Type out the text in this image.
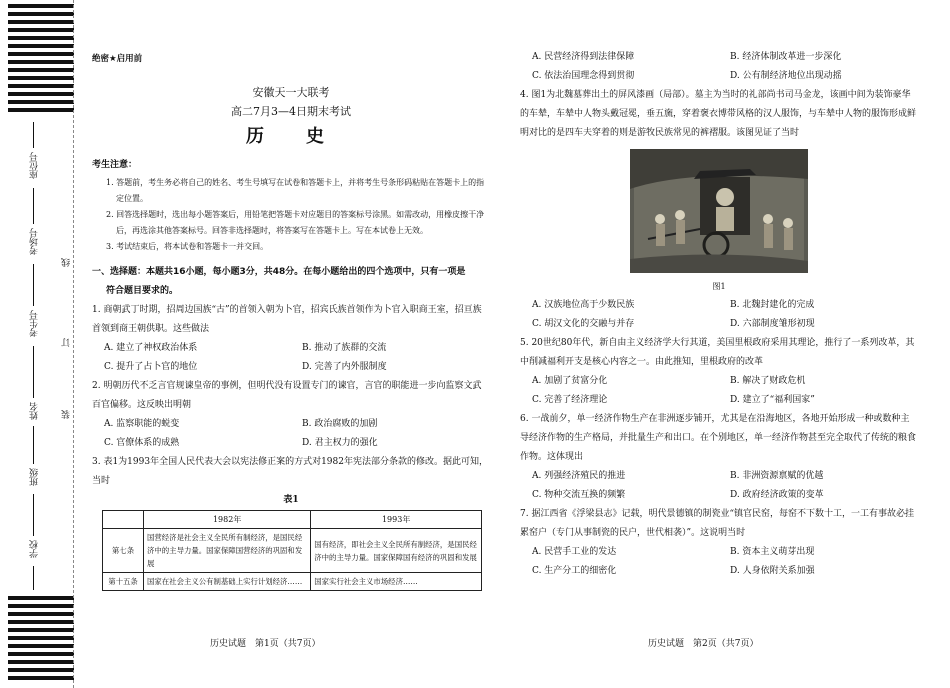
座位号
考场号
考生号
姓名
班级
学校
线
订
装
绝密★启用前
安徽天一大联考
高二7月3—4日期末考试
历　史
考生注意：
1. 答题前，考生务必将自己的姓名、考生号填写在试卷和答题卡上，并将考生号条形码粘贴在答题卡上的指定位置。
2. 回答选择题时，选出每小题答案后，用铅笔把答题卡对应题目的答案标号涂黑。如需改动，用橡皮擦干净后，再选涂其他答案标号。回答非选择题时，将答案写在答题卡上。写在本试卷上无效。
3. 考试结束后，将本试卷和答题卡一并交回。
一、选择题：本题共16小题，每小题3分，共48分。在每小题给出的四个选项中，只有一项是
符合题目要求的。
1. 商朝武丁时期，招周边国族“古”的首领入朝为卜官，招宾氏族首领作为卜官入职商王室，招亘族首领到商王朝供职。这些做法
A. 建立了神权政治体系	B. 推动了族群的交流
C. 提升了占卜官的地位	D. 完善了内外服制度
2. 明朝历代不乏言官规谏皇帝的事例，但明代没有设置专门的谏官，言官的职能进一步向监察文武百官偏移。这反映出明朝
A. 监察职能的蜕变	B. 政治腐败的加剧
C. 官僚体系的成熟	D. 君主权力的强化
3. 表1为1993年全国人民代表大会以宪法修正案的方式对1982年宪法部分条款的修改。据此可知，当时
表1
	1982年	1993年
第七条	国营经济是社会主义全民所有制经济，是国民经济中的主导力量。国家保障国营经济的巩固和发展	国有经济，即社会主义全民所有制经济，是国民经济中的主导力量。国家保障国有经济的巩固和发展
第十五条	国家在社会主义公有制基础上实行计划经济……	国家实行社会主义市场经济……
历史试题　第1页（共7页）
A. 民营经济得到法律保障	B. 经济体制改革进一步深化
C. 依法治国理念得到贯彻	D. 公有制经济地位出现动摇
4. 图1为北魏墓葬出土的屏风漆画（局部）。墓主为当时的礼部尚书司马金龙，该画中间为装饰豪华的车辇，车辇中人物头戴冠冕，垂五旒，穿着褒衣博带风格的汉人服饰，与车辇中人物的服饰形成鲜明对比的是四车夫穿着的则是游牧民族常见的裤褶服。该图见证了当时
图1
A. 汉族地位高于少数民族	B. 北魏封建化的完成
C. 胡汉文化的交融与并存	D. 六部制度雏形初现
5. 20世纪80年代，新自由主义经济学大行其道，美国里根政府采用其理论，推行了一系列改革，其中削减福利开支是核心内容之一。由此推知，里根政府的改革
A. 加剧了贫富分化	B. 解决了财政危机
C. 完善了经济理论	D. 建立了“福利国家”
6. 一战前夕，单一经济作物生产在非洲逐步铺开，尤其是在沿海地区，各地开始形成一种或数种主导经济作物的生产格局，并批量生产和出口。在个别地区，单一经济作物甚至完全取代了传统的粮食作物。这体现出
A. 列强经济殖民的推进	B. 非洲资源禀赋的优越
C. 物种交流互换的频繁	D. 政府经济政策的变革
7. 据江西省《浮梁县志》记载，明代景德镇的制瓷业“镇官民窑，每窑不下数十工，一工有事故必挂累窑户（专门从事制瓷的民户，世代相袭）”。这说明当时
A. 民营手工业的发达	B. 资本主义萌芽出现
C. 生产分工的细密化	D. 人身依附关系加强
历史试题　第2页（共7页）
